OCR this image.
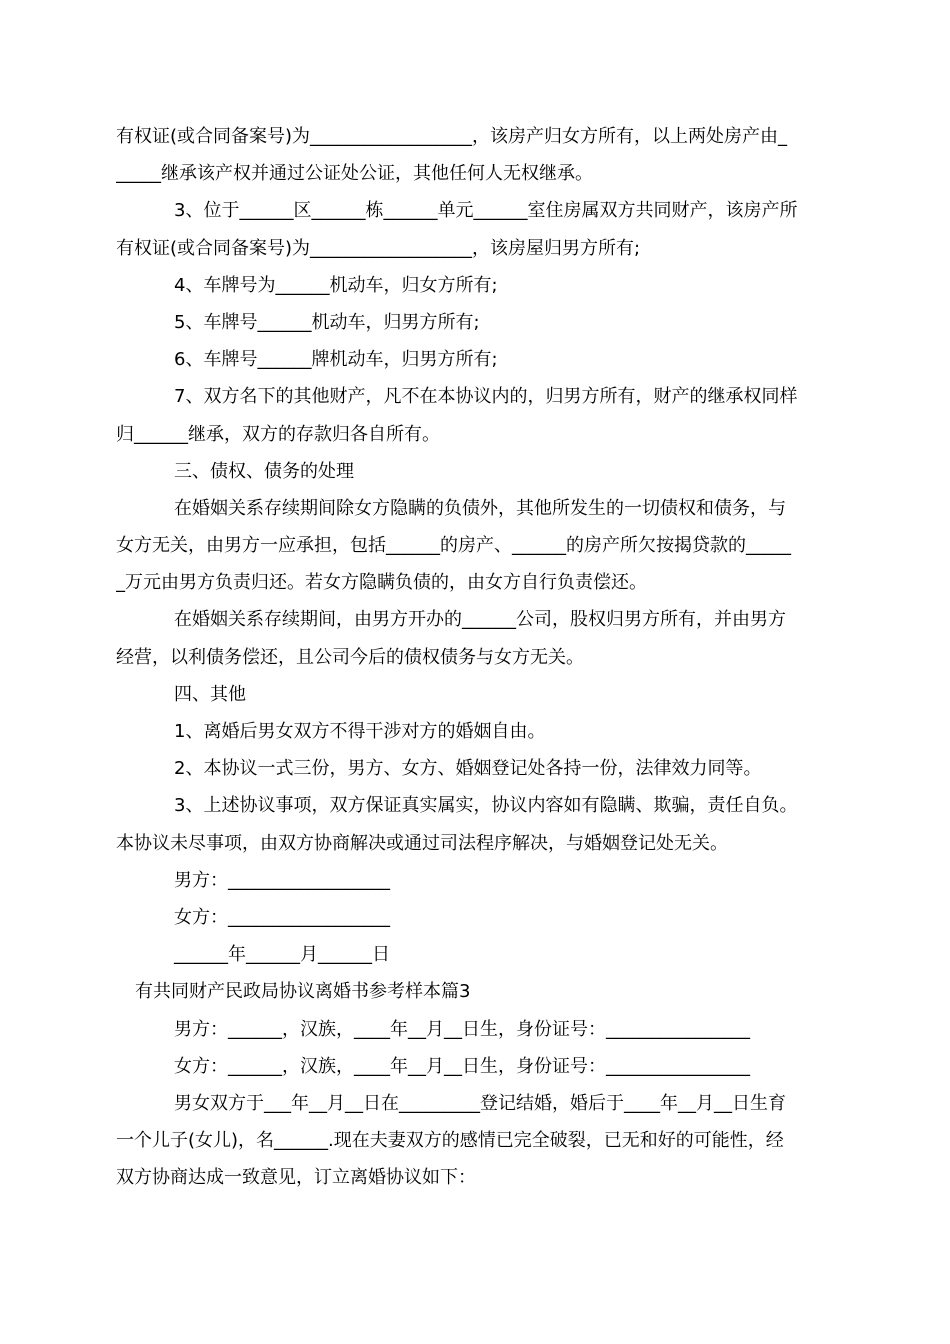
有权证(或合同备案号)为__________________，该房产归女方所有，以上两处房产由_
_____继承该产权并通过公证处公证，其他任何人无权继承。
3、位于______区______栋______单元______室住房属双方共同财产，该房产所
有权证(或合同备案号)为__________________，该房屋归男方所有;
4、车牌号为______机动车，归女方所有;
5、车牌号______机动车，归男方所有;
6、车牌号______牌机动车，归男方所有;
7、双方名下的其他财产，凡不在本协议内的，归男方所有，财产的继承权同样
归______继承，双方的存款归各自所有。
三、债权、债务的处理
在婚姻关系存续期间除女方隐瞒的负债外，其他所发生的一切债权和债务，与
女方无关，由男方一应承担，包括______的房产、______的房产所欠按揭贷款的_____
_万元由男方负责归还。若女方隐瞒负债的，由女方自行负责偿还。
在婚姻关系存续期间，由男方开办的______公司，股权归男方所有，并由男方
经营，以利债务偿还，且公司今后的债权债务与女方无关。
四、其他
1、离婚后男女双方不得干涉对方的婚姻自由。
2、本协议一式三份，男方、女方、婚姻登记处各持一份，法律效力同等。
3、上述协议事项，双方保证真实属实，协议内容如有隐瞒、欺骗，责任自负。
本协议未尽事项，由双方协商解决或通过司法程序解决，与婚姻登记处无关。
男方：__________________
女方：__________________
______年______月______日
有共同财产民政局协议离婚书参考样本篇3
男方：______，汉族，____年__月__日生，身份证号：________________
女方：______，汉族，____年__月__日生，身份证号：________________
男女双方于___年__月__日在_________登记结婚，婚后于____年__月__日生育
一个儿子(女儿)，名______.现在夫妻双方的感情已完全破裂，已无和好的可能性，经
双方协商达成一致意见，订立离婚协议如下：
